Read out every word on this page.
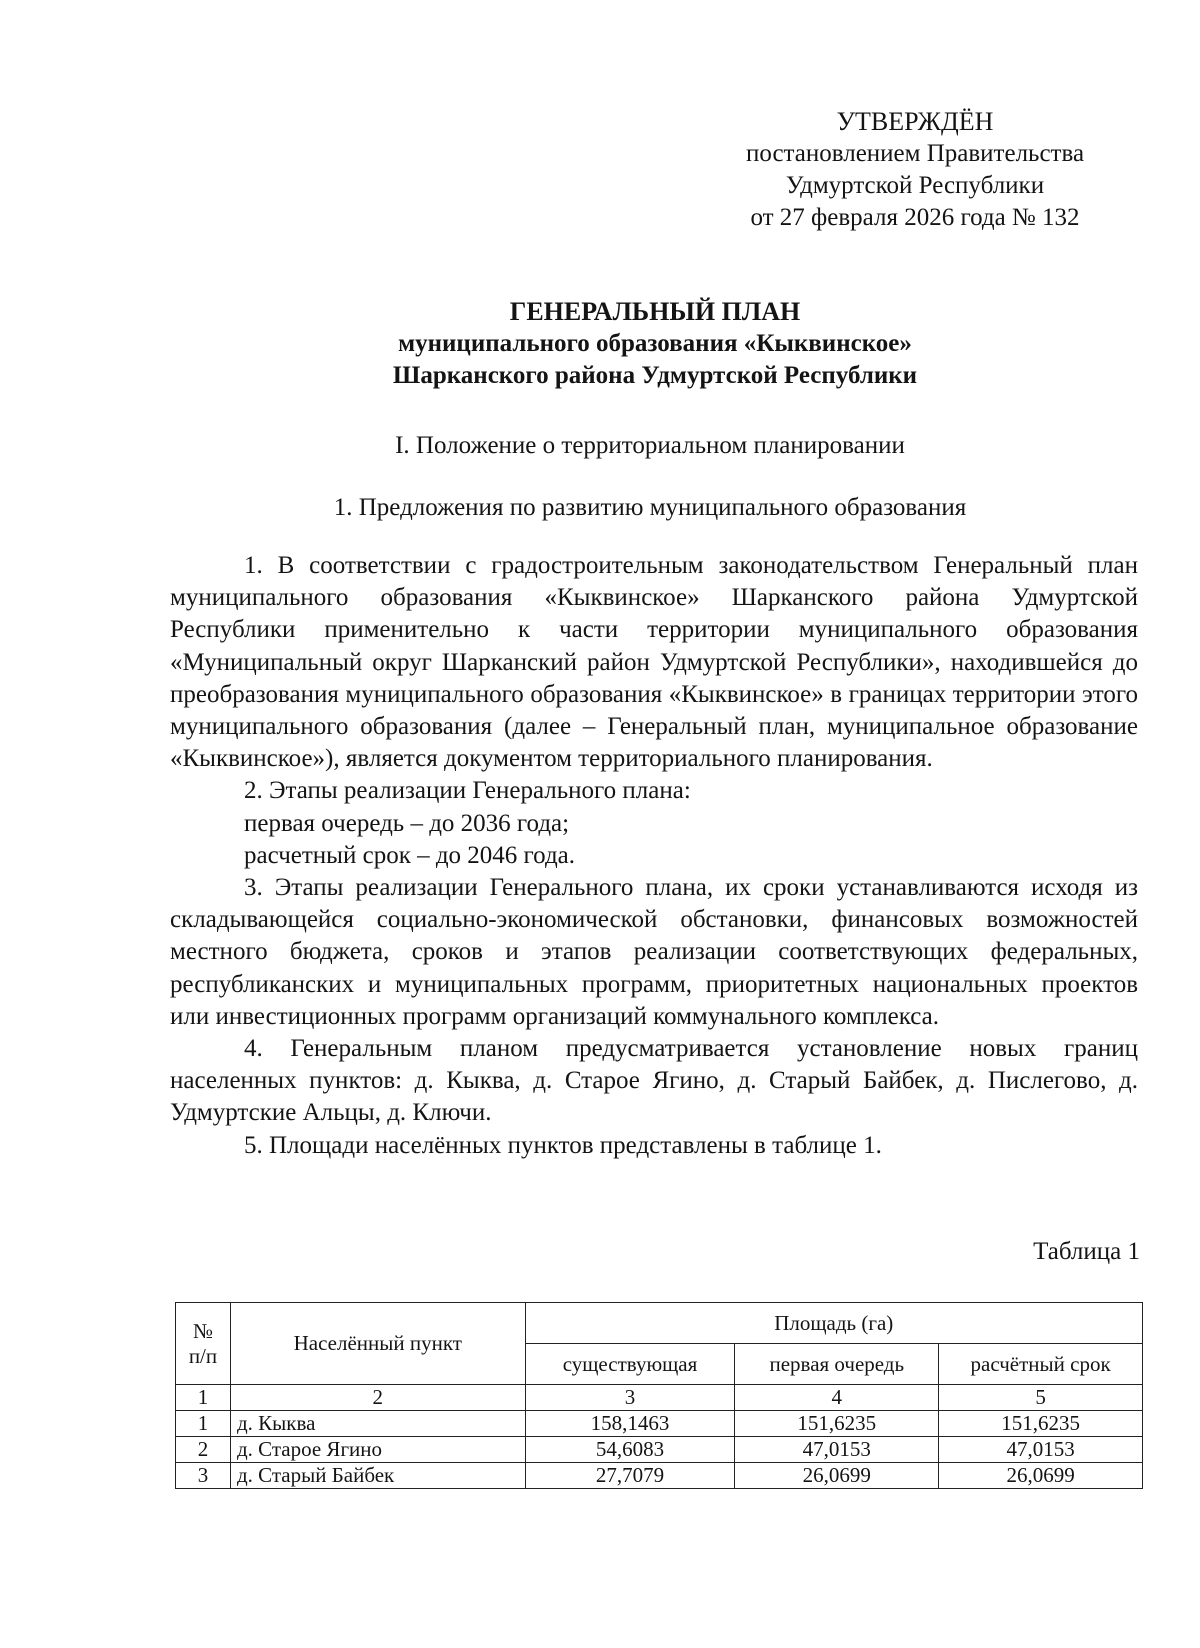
УТВЕРЖДЁН
постановлением Правительства
Удмуртской Республики
от 27 февраля 2026 года № 132
ГЕНЕРАЛЬНЫЙ ПЛАН
муниципального образования «Кыквинское»
Шарканского района Удмуртской Республики
I. Положение о территориальном планировании
1. Предложения по развитию муниципального образования

1. В соответствии с градостроительным законодательством Генеральный план муниципального образования «Кыквинское» Шарканского района Удмуртской Республики применительно к части территории муниципального образования «Муниципальный округ Шарканский район Удмуртской Республики», находившейся до преобразования муниципального образования «Кыквинское» в границах территории этого муниципального образования (далее – Генеральный план, муниципальное образование «Кыквинское»), является документом территориального планирования.

2. Этапы реализации Генерального плана:

первая очередь – до 2036 года;

расчетный срок – до 2046 года.

3. Этапы реализации Генерального плана, их сроки устанавливаются исходя из складывающейся социально-экономической обстановки, финансовых возможностей местного бюджета, сроков и этапов реализации соответствующих федеральных, республиканских и муниципальных программ, приоритетных национальных проектов или инвестиционных программ организаций коммунального комплекса.

4. Генеральным планом предусматривается установление новых границ населенных пунктов: д. Кыква, д. Старое Ягино, д. Старый Байбек, д. Пислегово, д. Удмуртские Альцы, д. Ключи.

5. Площади населённых пунктов представлены в таблице 1.

Таблица 1
№ п/п	Населённый пункт	Площадь (га)		
		существующая	первая очередь	расчётный срок
1	2	3	4	5
1	д. Кыква	158,1463	151,6235	151,6235
2	д. Старое Ягино	54,6083	47,0153	47,0153
3	д. Старый Байбек	27,7079	26,0699	26,0699
